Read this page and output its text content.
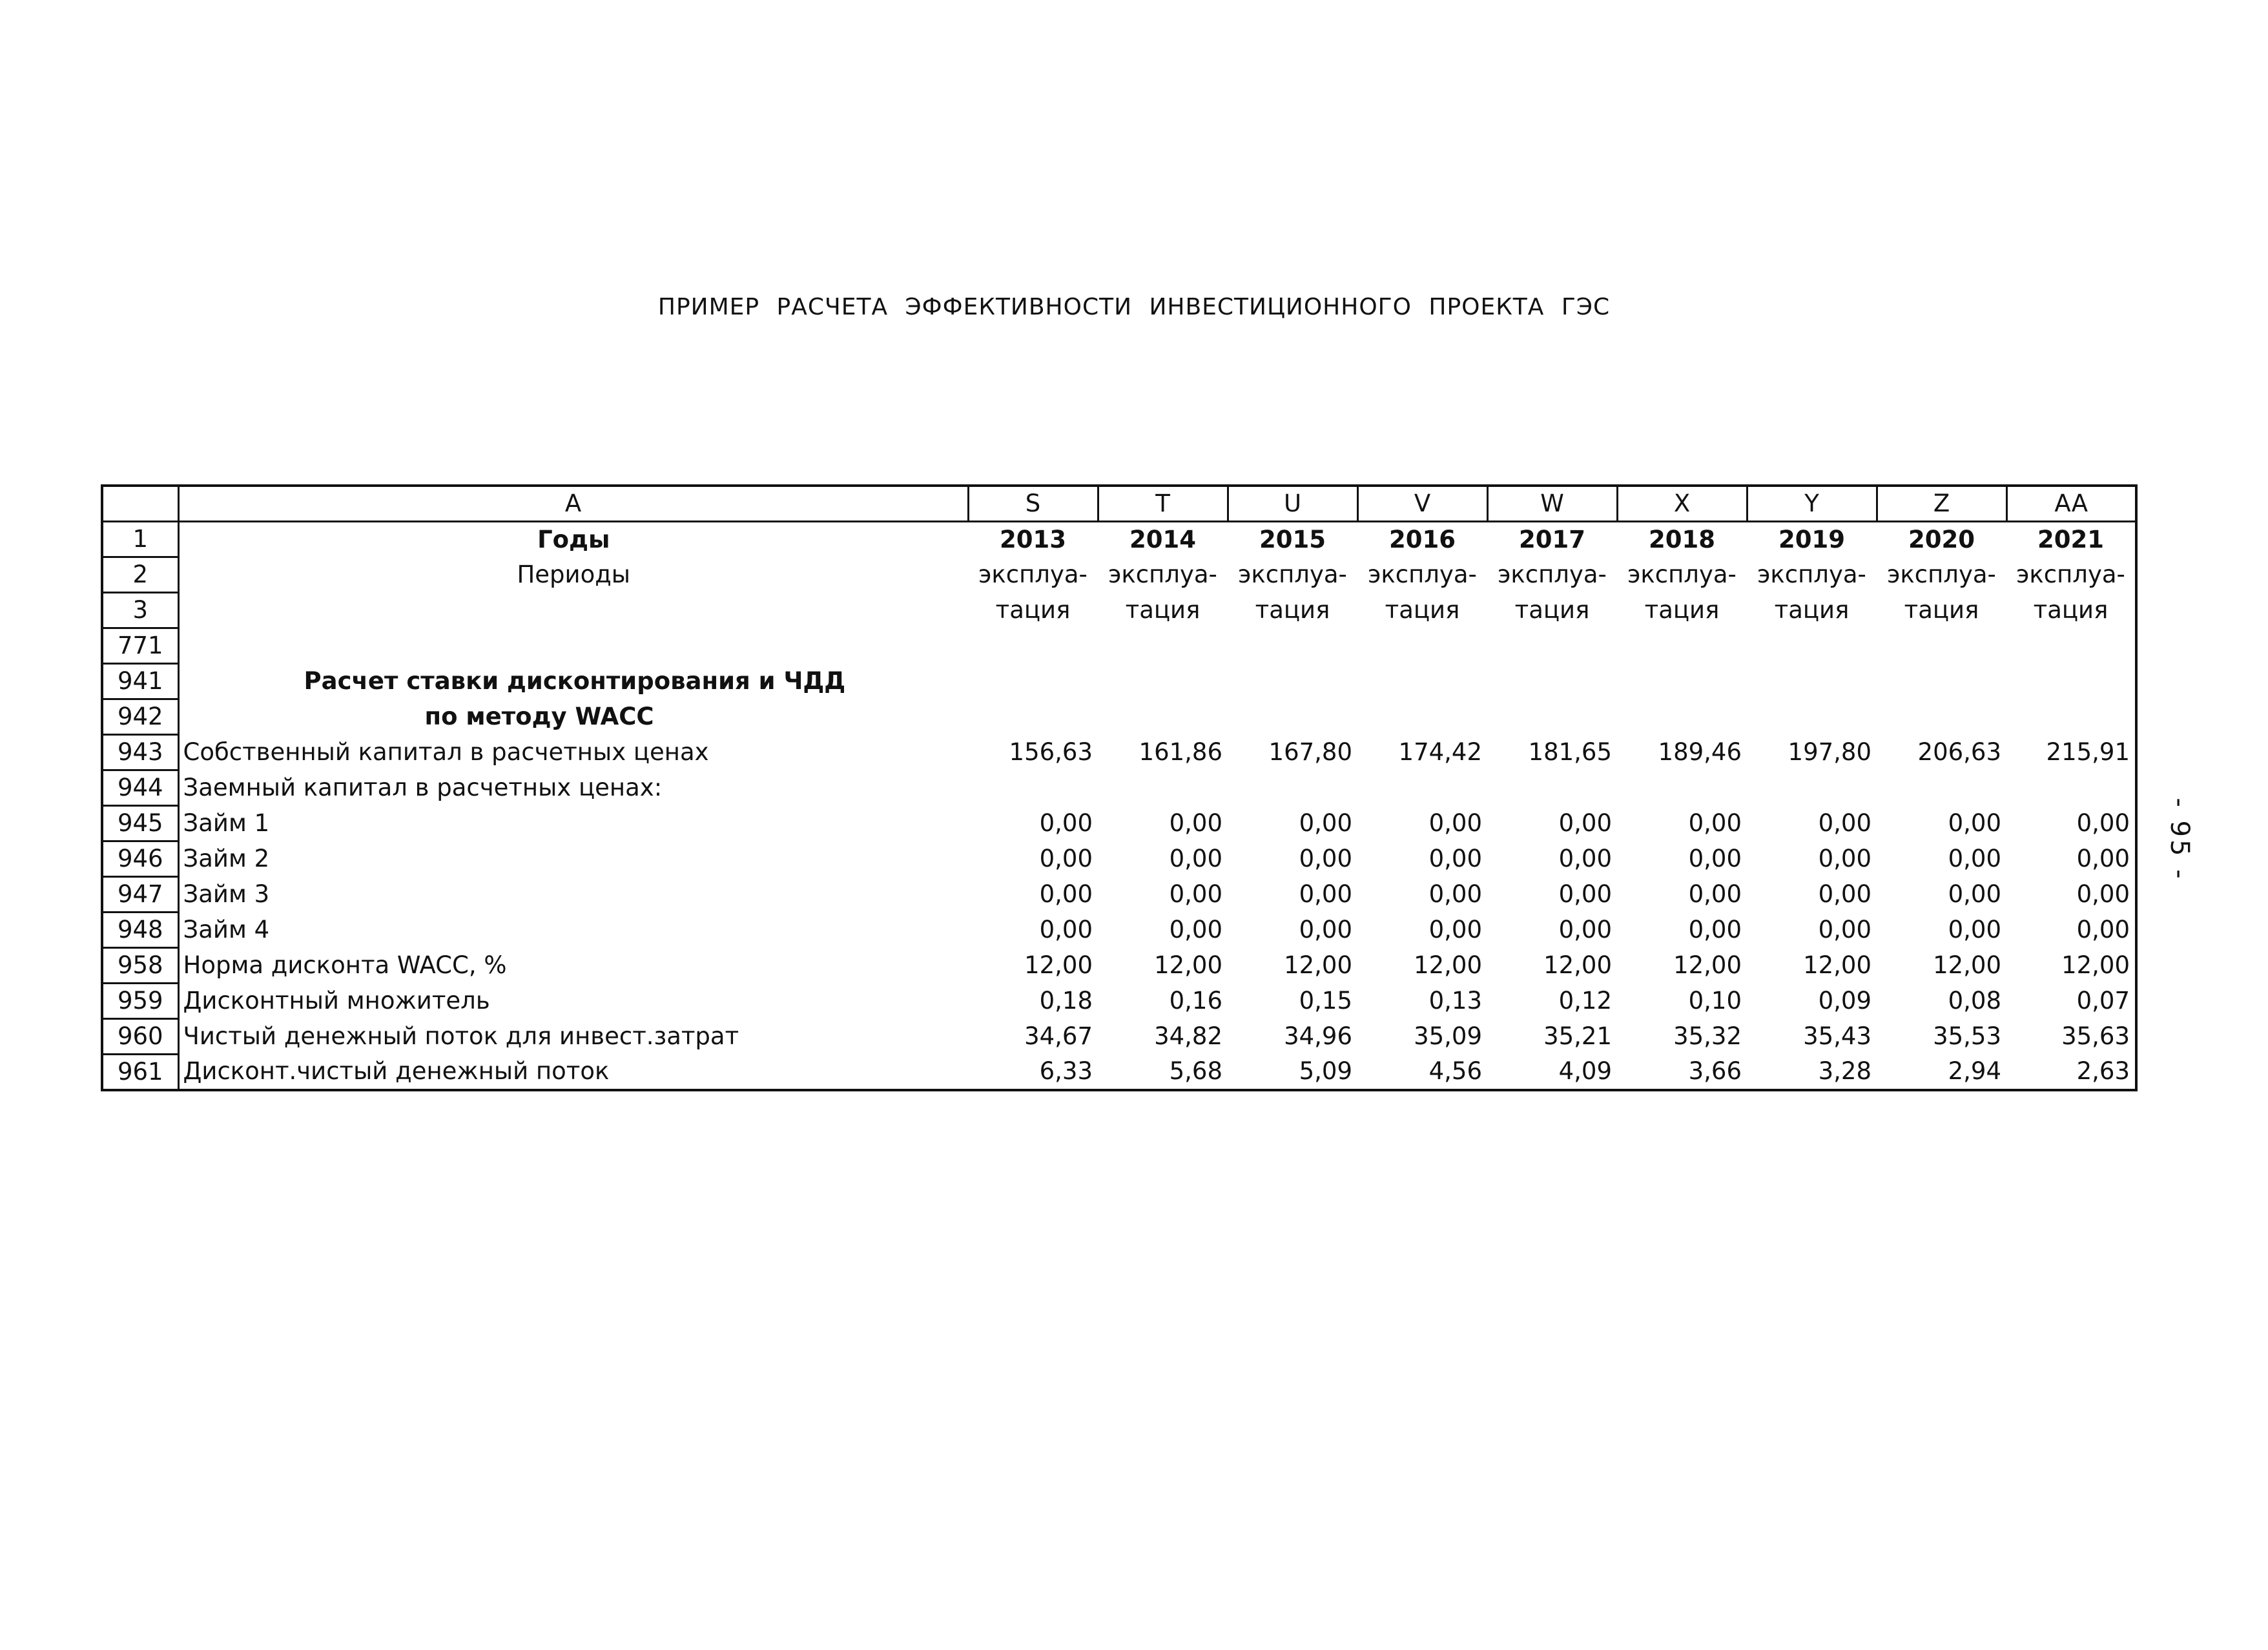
ПРИМЕР РАСЧЕТА ЭФФЕКТИВНОСТИ ИНВЕСТИЦИОННОГО ПРОЕКТА ГЭС
	A	S	T	U	V	W	X	Y	Z	AA
1	Годы	2013	2014	2015	2016	2017	2018	2019	2020	2021
2	Периоды	эксплуа-	эксплуа-	эксплуа-	эксплуа-	эксплуа-	эксплуа-	эксплуа-	эксплуа-	эксплуа-
3		тация	тация	тация	тация	тация	тация	тация	тация	тация
771										
941	Расчет ставки дисконтирования и ЧДД									
942	по методу WACC									
943	Собственный капитал в расчетных ценах	156,63	161,86	167,80	174,42	181,65	189,46	197,80	206,63	215,91
944	Заемный капитал в расчетных ценах:									
945	Займ 1	0,00	0,00	0,00	0,00	0,00	0,00	0,00	0,00	0,00
946	Займ 2	0,00	0,00	0,00	0,00	0,00	0,00	0,00	0,00	0,00
947	Займ 3	0,00	0,00	0,00	0,00	0,00	0,00	0,00	0,00	0,00
948	Займ 4	0,00	0,00	0,00	0,00	0,00	0,00	0,00	0,00	0,00
958	Норма дисконта WACC, %	12,00	12,00	12,00	12,00	12,00	12,00	12,00	12,00	12,00
959	Дисконтный множитель	0,18	0,16	0,15	0,13	0,12	0,10	0,09	0,08	0,07
960	Чистый денежный поток для инвест.затрат	34,67	34,82	34,96	35,09	35,21	35,32	35,43	35,53	35,63
961	Дисконт.чистый денежный поток	6,33	5,68	5,09	4,56	4,09	3,66	3,28	2,94	2,63
- 95 -
